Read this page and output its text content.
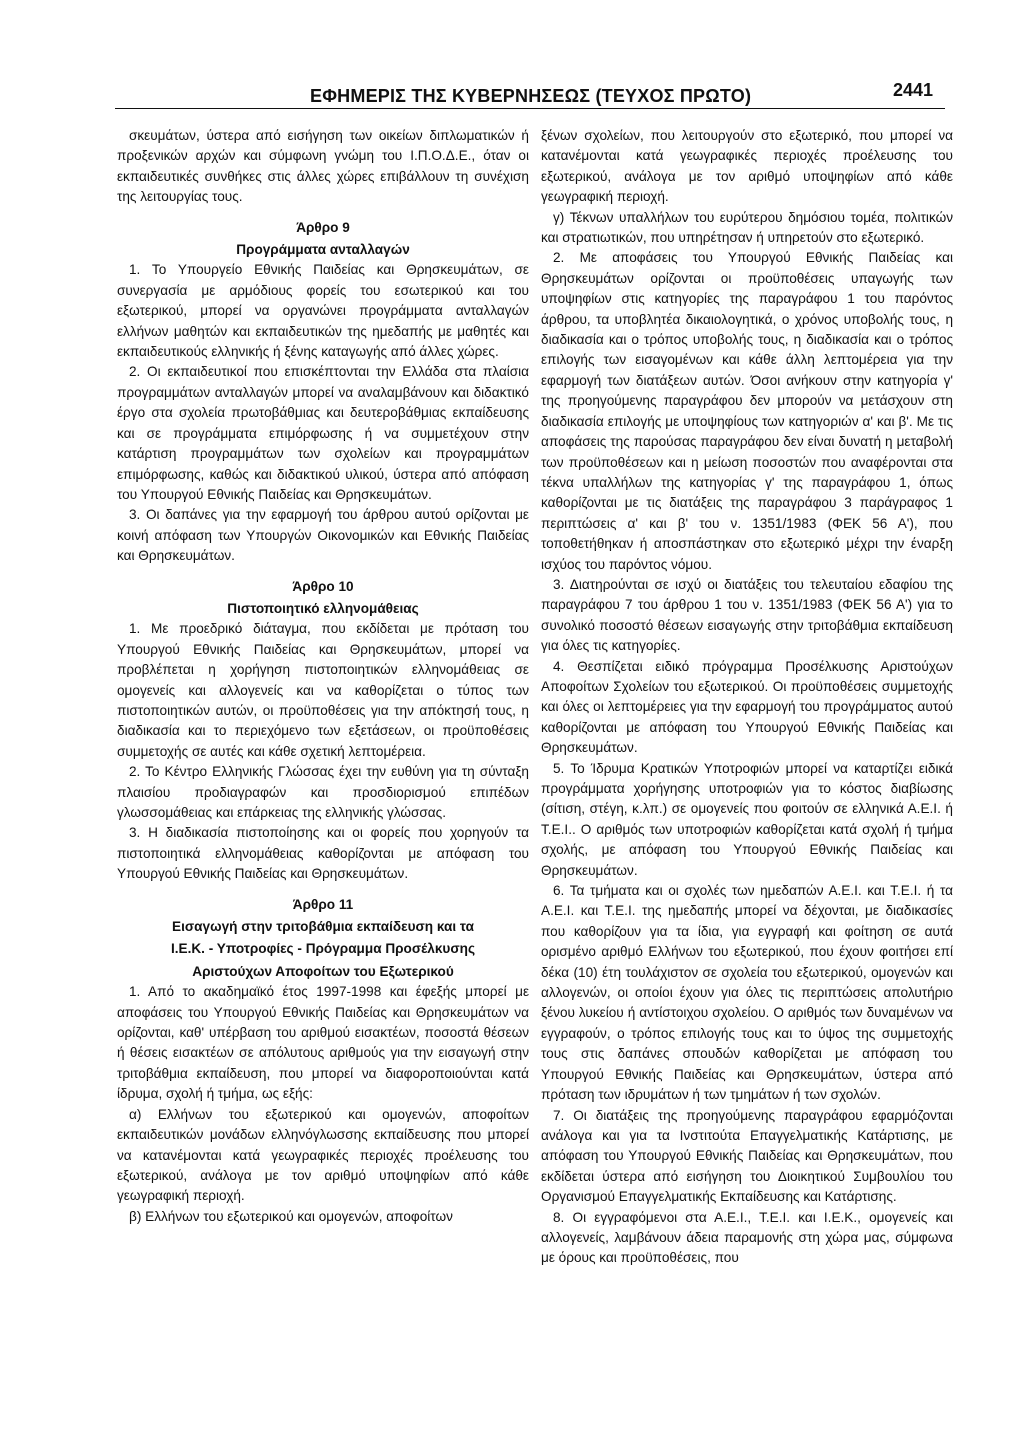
ΕΦΗΜΕΡΙΣ ΤΗΣ ΚΥΒΕΡΝΗΣΕΩΣ (ΤΕΥΧΟΣ ΠΡΩΤΟ)	2441

σκευμάτων, ύστερα από εισήγηση των οικείων διπλωματικών ή προξενικών αρχών και σύμφωνη γνώμη του Ι.Π.Ο.Δ.Ε., όταν οι εκπαιδευτικές συνθήκες στις άλλες χώρες επιβάλλουν τη συνέχιση της λειτουργίας τους.

Άρθρο 9

Προγράμματα ανταλλαγών

1. Το Υπουργείο Εθνικής Παιδείας και Θρησκευμάτων, σε συνεργασία με αρμόδιους φορείς του εσωτερικού και του εξωτερικού, μπορεί να οργανώνει προγράμματα ανταλλαγών ελλήνων μαθητών και εκπαιδευτικών της ημεδαπής με μαθητές και εκπαιδευτικούς ελληνικής ή ξένης καταγωγής από άλλες χώρες.

2. Οι εκπαιδευτικοί που επισκέπτονται την Ελλάδα στα πλαίσια προγραμμάτων ανταλλαγών μπορεί να αναλαμβάνουν και διδακτικό έργο στα σχολεία πρωτοβάθμιας και δευτεροβάθμιας εκπαίδευσης και σε προγράμματα επιμόρφωσης ή να συμμετέχουν στην κατάρτιση προγραμμάτων των σχολείων και προγραμμάτων επιμόρφωσης, καθώς και διδακτικού υλικού, ύστερα από απόφαση του Υπουργού Εθνικής Παιδείας και Θρησκευμάτων.

3. Οι δαπάνες για την εφαρμογή του άρθρου αυτού ορίζονται με κοινή απόφαση των Υπουργών Οικονομικών και Εθνικής Παιδείας και Θρησκευμάτων.

Άρθρο 10

Πιστοποιητικό ελληνομάθειας

1. Με προεδρικό διάταγμα, που εκδίδεται με πρόταση του Υπουργού Εθνικής Παιδείας και Θρησκευμάτων, μπορεί να προβλέπεται η χορήγηση πιστοποιητικών ελληνομάθειας σε ομογενείς και αλλογενείς και να καθορίζεται ο τύπος των πιστοποιητικών αυτών, οι προϋποθέσεις για την απόκτησή τους, η διαδικασία και το περιεχόμενο των εξετάσεων, οι προϋποθέσεις συμμετοχής σε αυτές και κάθε σχετική λεπτομέρεια.

2. Το Κέντρο Ελληνικής Γλώσσας έχει την ευθύνη για τη σύνταξη πλαισίου προδιαγραφών και προσδιορισμού επιπέδων γλωσσομάθειας και επάρκειας της ελληνικής γλώσσας.

3. Η διαδικασία πιστοποίησης και οι φορείς που χορηγούν τα πιστοποιητικά ελληνομάθειας καθορίζονται με απόφαση του Υπουργού Εθνικής Παιδείας και Θρησκευμάτων.

Άρθρο 11

Εισαγωγή στην τριτοβάθμια εκπαίδευση και τα

Ι.Ε.Κ. - Υποτροφίες - Πρόγραμμα Προσέλκυσης

Αριστούχων Αποφοίτων του Εξωτερικού

1. Από το ακαδημαϊκό έτος 1997-1998 και έφεξής μπορεί με αποφάσεις του Υπουργού Εθνικής Παιδείας και Θρησκευμάτων να ορίζονται, καθ' υπέρβαση του αριθμού εισακτέων, ποσοστά θέσεων ή θέσεις εισακτέων σε απόλυτους αριθμούς για την εισαγωγή στην τριτοβάθμια εκπαίδευση, που μπορεί να διαφοροποιούνται κατά ίδρυμα, σχολή ή τμήμα, ως εξής:

α) Ελλήνων του εξωτερικού και ομογενών, αποφοίτων εκπαιδευτικών μονάδων ελληνόγλωσσης εκπαίδευσης που μπορεί να κατανέμονται κατά γεωγραφικές περιοχές προέλευσης του εξωτερικού, ανάλογα με τον αριθμό υποψηφίων από κάθε γεωγραφική περιοχή.

β) Ελλήνων του εξωτερικού και ομογενών, αποφοίτων

ξένων σχολείων, που λειτουργούν στο εξωτερικό, που μπορεί να κατανέμονται κατά γεωγραφικές περιοχές προέλευσης του εξωτερικού, ανάλογα με τον αριθμό υποψηφίων από κάθε γεωγραφική περιοχή.

γ) Τέκνων υπαλλήλων του ευρύτερου δημόσιου τομέα, πολιτικών και στρατιωτικών, που υπηρέτησαν ή υπηρετούν στο εξωτερικό.

2. Με αποφάσεις του Υπουργού Εθνικής Παιδείας και Θρησκευμάτων ορίζονται οι προϋποθέσεις υπαγωγής των υποψηφίων στις κατηγορίες της παραγράφου 1 του παρόντος άρθρου, τα υποβλητέα δικαιολογητικά, ο χρόνος υποβολής τους, η διαδικασία και ο τρόπος υποβολής τους, η διαδικασία και ο τρόπος επιλογής των εισαγομένων και κάθε άλλη λεπτομέρεια για την εφαρμογή των διατάξεων αυτών. Όσοι ανήκουν στην κατηγορία γ' της προηγούμενης παραγράφου δεν μπορούν να μετάσχουν στη διαδικασία επιλογής με υποψηφίους των κατηγοριών α' και β'. Με τις αποφάσεις της παρούσας παραγράφου δεν είναι δυνατή η μεταβολή των προϋποθέσεων και η μείωση ποσοστών που αναφέρονται στα τέκνα υπαλλήλων της κατηγορίας γ' της παραγράφου 1, όπως καθορίζονται με τις διατάξεις της παραγράφου 3 παράγραφος 1 περιπτώσεις α' και β' του ν. 1351/1983 (ΦΕΚ 56 Α'), που τοποθετήθηκαν ή αποσπάστηκαν στο εξωτερικό μέχρι την έναρξη ισχύος του παρόντος νόμου.

3. Διατηρούνται σε ισχύ οι διατάξεις του τελευταίου εδαφίου της παραγράφου 7 του άρθρου 1 του ν. 1351/1983 (ΦΕΚ 56 Α') για το συνολικό ποσοστό θέσεων εισαγωγής στην τριτοβάθμια εκπαίδευση για όλες τις κατηγορίες.

4. Θεσπίζεται ειδικό πρόγραμμα Προσέλκυσης Αριστούχων Αποφοίτων Σχολείων του εξωτερικού. Οι προϋποθέσεις συμμετοχής και όλες οι λεπτομέρειες για την εφαρμογή του προγράμματος αυτού καθορίζονται με απόφαση του Υπουργού Εθνικής Παιδείας και Θρησκευμάτων.

5. Το Ίδρυμα Κρατικών Υποτροφιών μπορεί να καταρτίζει ειδικά προγράμματα χορήγησης υποτροφιών για το κόστος διαβίωσης (σίτιση, στέγη, κ.λπ.) σε ομογενείς που φοιτούν σε ελληνικά Α.Ε.Ι. ή Τ.Ε.Ι.. Ο αριθμός των υποτροφιών καθορίζεται κατά σχολή ή τμήμα σχολής, με απόφαση του Υπουργού Εθνικής Παιδείας και Θρησκευμάτων.

6. Τα τμήματα και οι σχολές των ημεδαπών Α.Ε.Ι. και Τ.Ε.Ι. ή τα Α.Ε.Ι. και Τ.Ε.Ι. της ημεδαπής μπορεί να δέχονται, με διαδικασίες που καθορίζουν για τα ίδια, για εγγραφή και φοίτηση σε αυτά ορισμένο αριθμό Ελλήνων του εξωτερικού, που έχουν φοιτήσει επί δέκα (10) έτη τουλάχιστον σε σχολεία του εξωτερικού, ομογενών και αλλογενών, οι οποίοι έχουν για όλες τις περιπτώσεις απολυτήριο ξένου λυκείου ή αντίστοιχου σχολείου. Ο αριθμός των δυναμένων να εγγραφούν, ο τρόπος επιλογής τους και το ύψος της συμμετοχής τους στις δαπάνες σπουδών καθορίζεται με απόφαση του Υπουργού Εθνικής Παιδείας και Θρησκευμάτων, ύστερα από πρόταση των ιδρυμάτων ή των τμημάτων ή των σχολών.

7. Οι διατάξεις της προηγούμενης παραγράφου εφαρμόζονται ανάλογα και για τα Ινστιτούτα Επαγγελματικής Κατάρτισης, με απόφαση του Υπουργού Εθνικής Παιδείας και Θρησκευμάτων, που εκδίδεται ύστερα από εισήγηση του Διοικητικού Συμβουλίου του Οργανισμού Επαγγελματικής Εκπαίδευσης και Κατάρτισης.

8. Οι εγγραφόμενοι στα Α.Ε.Ι., Τ.Ε.Ι. και Ι.Ε.Κ., ομογενείς και αλλογενείς, λαμβάνουν άδεια παραμονής στη χώρα μας, σύμφωνα με όρους και προϋποθέσεις, που
